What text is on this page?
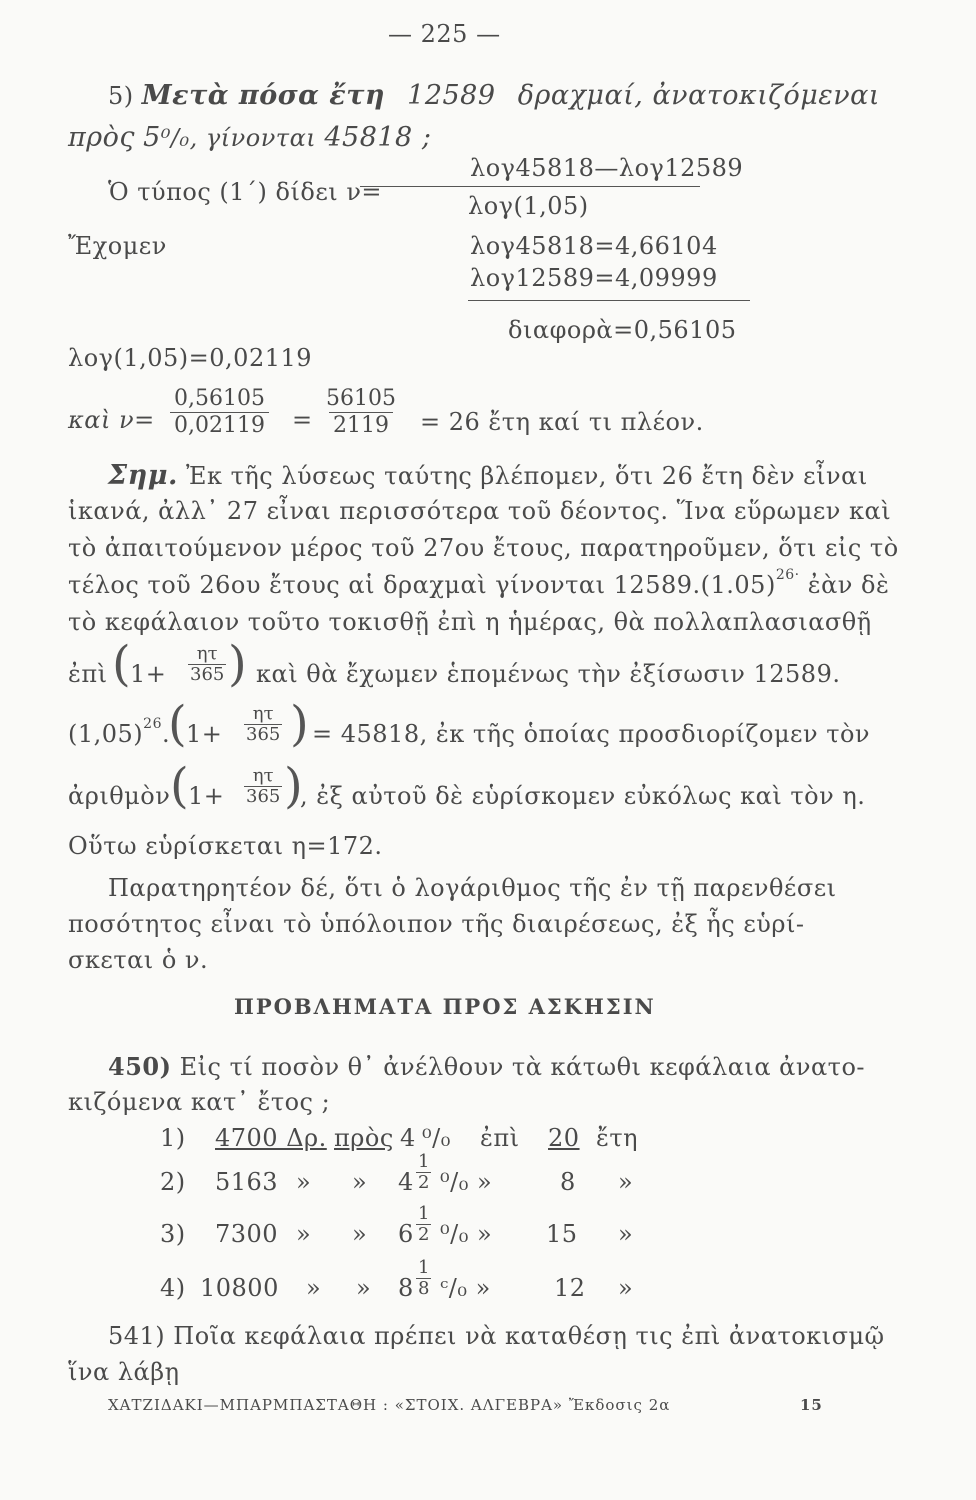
— 225 —
5) Μετὰ πόσα ἔτη 12589 δραχμαί, ἀνατοκιζόμεναι
πρὸς 5⁰/₀, γίνονται 45818 ;
Ὁ τύπος (1΄) δίδει ν=
λογ45818—λογ12589
λογ(1,05)
Ἔχομεν	λογ45818=4,66104
λογ12589=4,09999
διαφορὰ=0,56105
λογ(1,05)=0,02119
καὶ $\nu= \frac{0,56105}{0,02119} = \frac{56105}{2119} = 26$ ἔτη καί τι πλέον.
Σημ. Ἐκ τῆς λύσεως ταύτης βλέπομεν, ὅτι 26 ἔτη δὲν εἶναι
ἱκανά, ἀλλ᾿ 27 εἶναι περισσότερα τοῦ δέοντος. Ἵνα εὕρωμεν καὶ
τὸ ἀπαιτούμενον μέρος τοῦ 27ου ἔτους, παρατηροῦμεν, ὅτι εἰς τὸ
τέλος τοῦ 26ου ἔτους αἱ δραχμαὶ γίνονται $12589.(1.05)^{26\cdot}$ ἐὰν δὲ
τὸ κεφάλαιον τοῦτο τοκισθῇ ἐπὶ η ἡμέρας, θὰ πολλαπλασιασθῇ
ἐπὶ ( $1+ \frac{\eta\tau}{365}$ ) καὶ θὰ ἔχωμεν ἑπομένως τὴν ἐξίσωσιν 12589.
$(1,05)^{26}$.
( $1+ \frac{\eta\tau}{365}$ ) = 45818, ἐκ τῆς ὁποίας προσδιορίζομεν τὸν
ἀριθμὸν ( $1+ \frac{\eta\tau}{365}$ )
, ἐξ αὐτοῦ δὲ εὑρίσκομεν εὐκόλως καὶ τὸν η.
Οὕτω εὑρίσκεται η=172.
Παρατηρητέον δέ, ὅτι ὁ λογάριθμος τῆς ἐν τῇ παρενθέσει
ποσότητος εἶναι τὸ ὑπόλοιπον τῆς διαιρέσεως, ἐξ ἧς εὑρί-
σκεται ὁ ν.
ΠΡΟΒΛΗΜΑΤΑ ΠΡΟΣ ΑΣΚΗΣΙΝ
450) Εἰς τί ποσὸν θ᾿ ἀνέλθουν τὰ κάτωθι κεφάλαια ἀνατο-
κιζόμενα κατ᾿ ἔτος ;
1) 4700 Δρ. πρὸς 4 ⁰/₀ ἐπὶ 20 ἔτη
2) 5163 » » $4 \frac{1}{2} ^0/_0$ »	8 »
3) 7300 » » $6 \frac{1}{2} ^0/_0$ » 15 »
4) 10800 » » $8 \frac{1}{8}$ ᶜ/₀ »	12 »
541) Ποῖα κεφάλαια πρέπει νὰ καταθέσῃ τις ἐπὶ ἀνατοκισμῷ
ἵνα λάβῃ
ΧΑΤΖΙΔΑΚΙ—ΜΠΑΡΜΠΑΣΤΑΘΗ : «ΣΤΟΙΧ. ΑΛΓΕΒΡΑ» Ἔκδοσις 2α	15
